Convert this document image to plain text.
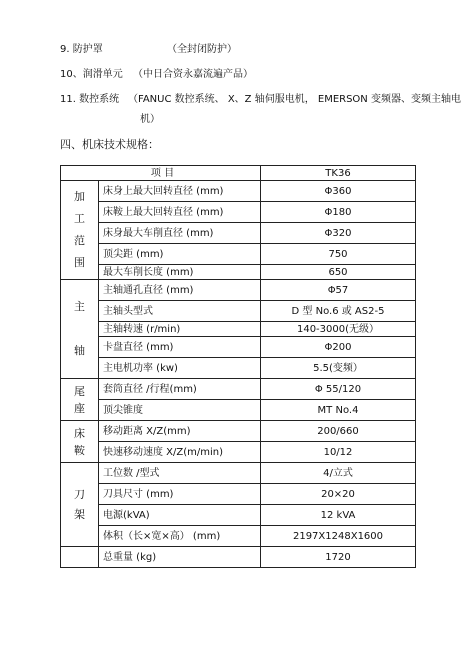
9. 防护罩	（全封闭防护）
10、润滑单元 （中日合资永嘉流遍产品）
11. 数控系统 （FANUC 数控系统、 X、Z 轴伺服电机， EMERSON 变频器、变频主轴电
机）
四、机床技术规格：
项 目		TK36

加
工
范
围	床身上最大回转直径 (mm)	Φ360
	床鞍上最大回转直径 (mm)	Φ180
	床身最大车削直径 (mm)	Φ320
	顶尖距 (mm)	750
	最大车削长度 (mm)	650

主
轴	主轴通孔直径 (mm)	Φ57
	主轴头型式	D 型 No.6 或 AS2-5
	主轴转速 (r/min)	140-3000(无级）
	卡盘直径 (mm)	Φ200
	主电机功率 (kw)	5.5(变频）

尾
座	套筒直径 /行程(mm)	Φ 55/120
	顶尖锥度	MT No.4

床
鞍	移动距离 X/Z(mm)	200/660
	快速移动速度 X/Z(m/min)	10/12

刀
架	工位数 /型式	4/立式
	刀具尺寸 (mm)	20×20
	电源(kVA)	12 kVA
	体积（长×宽×高） (mm)	2197X1248X1600
	总重量 (kg)	1720
